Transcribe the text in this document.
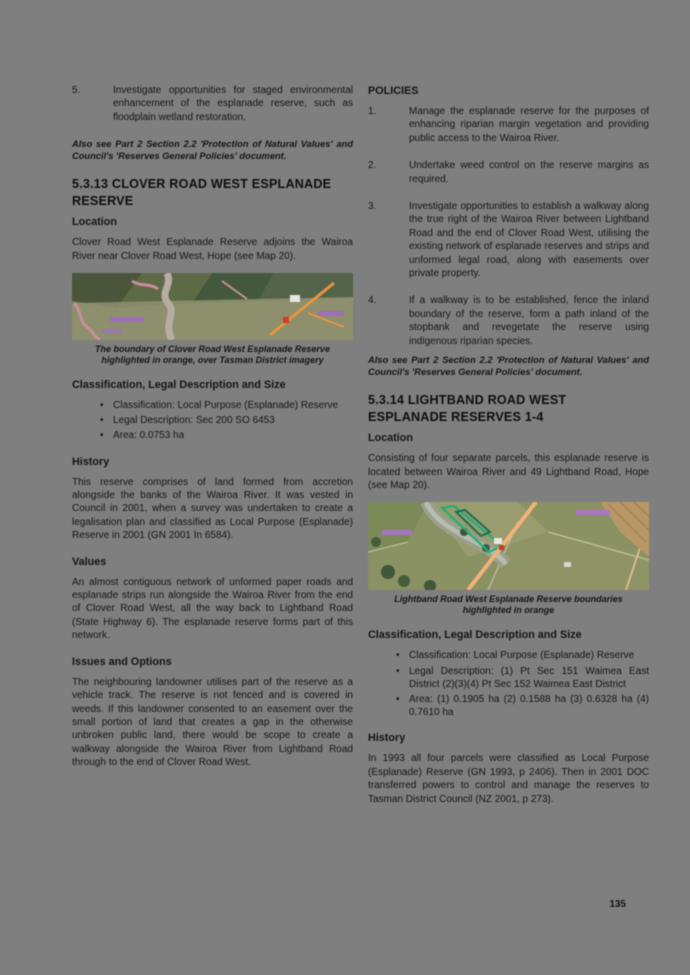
5.	Investigate opportunities for staged environmental enhancement of the esplanade reserve, such as floodplain wetland restoration.
Also see Part 2 Section 2.2 'Protection of Natural Values' and Council's 'Reserves General Policies' document.
5.3.13 CLOVER ROAD WEST ESPLANADE RESERVE
Location

Clover Road West Esplanade Reserve adjoins the Wairoa River near Clover Road West, Hope (see Map 20).

The boundary of Clover Road West Esplanade Reserve highlighted in orange, over Tasman District imagery
Classification, Legal Description and Size
• Classification: Local Purpose (Esplanade) Reserve
• Legal Description: Sec 200 SO 6453
• Area: 0.0753 ha
History

This reserve comprises of land formed from accretion alongside the banks of the Wairoa River. It was vested in Council in 2001, when a survey was undertaken to create a legalisation plan and classified as Local Purpose (Esplanade) Reserve in 2001 (GN 2001 In 6584).

Values

An almost contiguous network of unformed paper roads and esplanade strips run alongside the Wairoa River from the end of Clover Road West, all the way back to Lightband Road (State Highway 6). The esplanade reserve forms part of this network.

Issues and Options

The neighbouring landowner utilises part of the reserve as a vehicle track. The reserve is not fenced and is covered in weeds. If this landowner consented to an easement over the small portion of land that creates a gap in the otherwise unbroken public land, there would be scope to create a walkway alongside the Wairoa River from Lightband Road through to the end of Clover Road West.

POLICIES
1.	Manage the esplanade reserve for the purposes of enhancing riparian margin vegetation and providing public access to the Wairoa River.
2.	Undertake weed control on the reserve margins as required.
3.	Investigate opportunities to establish a walkway along the true right of the Wairoa River between Lightband Road and the end of Clover Road West, utilising the existing network of esplanade reserves and strips and unformed legal road, along with easements over private property.
4.	If a walkway is to be established, fence the inland boundary of the reserve, form a path inland of the stopbank and revegetate the reserve using indigenous riparian species.
Also see Part 2 Section 2.2 'Protection of Natural Values' and Council's 'Reserves General Policies' document.
5.3.14 LIGHTBAND ROAD WEST ESPLANADE RESERVES 1-4
Location

Consisting of four separate parcels, this esplanade reserve is located between Wairoa River and 49 Lightband Road, Hope (see Map 20).

Lightband Road West Esplanade Reserve boundaries highlighted in orange
Classification, Legal Description and Size
• Classification: Local Purpose (Esplanade) Reserve
• Legal Description: (1) Pt Sec 151 Waimea East District (2)(3)(4) Pt Sec 152 Waimea East District
• Area: (1) 0.1905 ha (2) 0.1588 ha (3) 0.6328 ha (4) 0.7610 ha
History

In 1993 all four parcels were classified as Local Purpose (Esplanade) Reserve (GN 1993, p 2406). Then in 2001 DOC transferred powers to control and manage the reserves to Tasman District Council (NZ 2001, p 273).

135
